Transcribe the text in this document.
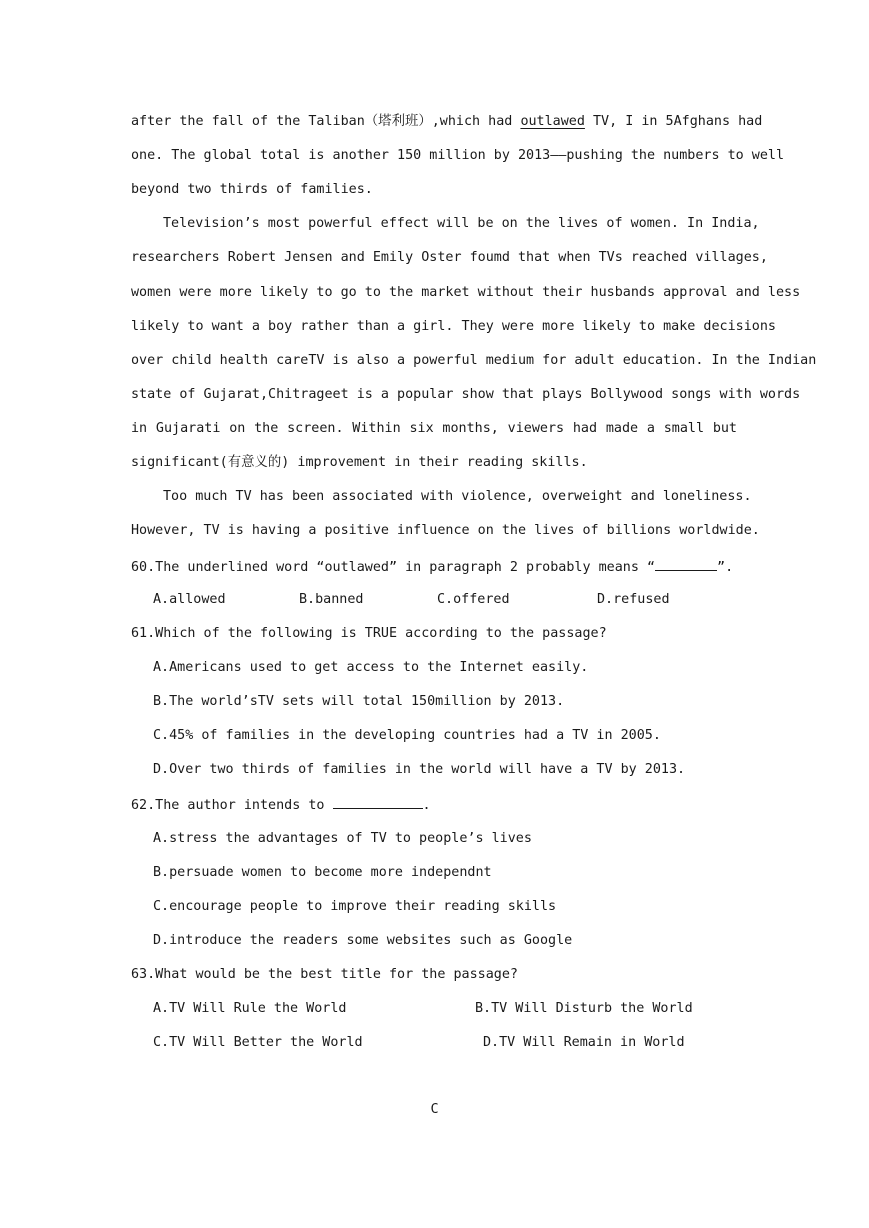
after the fall of the Taliban（塔利班）,which had outlawed TV, I in 5Afghans had
one. The global total is another 150 million by 2013——pushing the numbers to well
beyond two thirds of families.
Television’s most powerful effect will be on the lives of women. In India,
researchers Robert Jensen and Emily Oster foumd that when TVs reached villages,
women were more likely to go to the market without their husbands approval and less
likely to want a boy rather than a girl. They were more likely to make decisions
over child health careTV is also a powerful medium for adult education. In the Indian
state of Gujarat,Chitrageet is a popular show that plays Bollywood songs with words
in Gujarati on the screen. Within six months, viewers had made a small but
significant(有意义的) improvement in their reading skills.
Too much TV has been associated with violence, overweight and loneliness.
However, TV is having a positive influence on the lives of billions worldwide.
60.The underlined word “outlawed” in paragraph 2 probably means “	”.
A.allowed	B.banned	C.offered	D.refused
61.Which of the following is TRUE according to the passage?
A.Americans used to get access to the Internet easily.
B.The world’sTV sets will total 150million by 2013.
C.45% of families in the developing countries had a TV in 2005.
D.Over two thirds of families in the world will have a TV by 2013.
62.The author intends to	.
A.stress the advantages of TV to people’s lives
B.persuade women to become more independnt
C.encourage people to improve their reading skills
D.introduce the readers some websites such as Google
63.What would be the best title for the passage?
A.TV Will Rule the World	B.TV Will Disturb the World
C.TV Will Better the World	D.TV Will Remain in World
C
